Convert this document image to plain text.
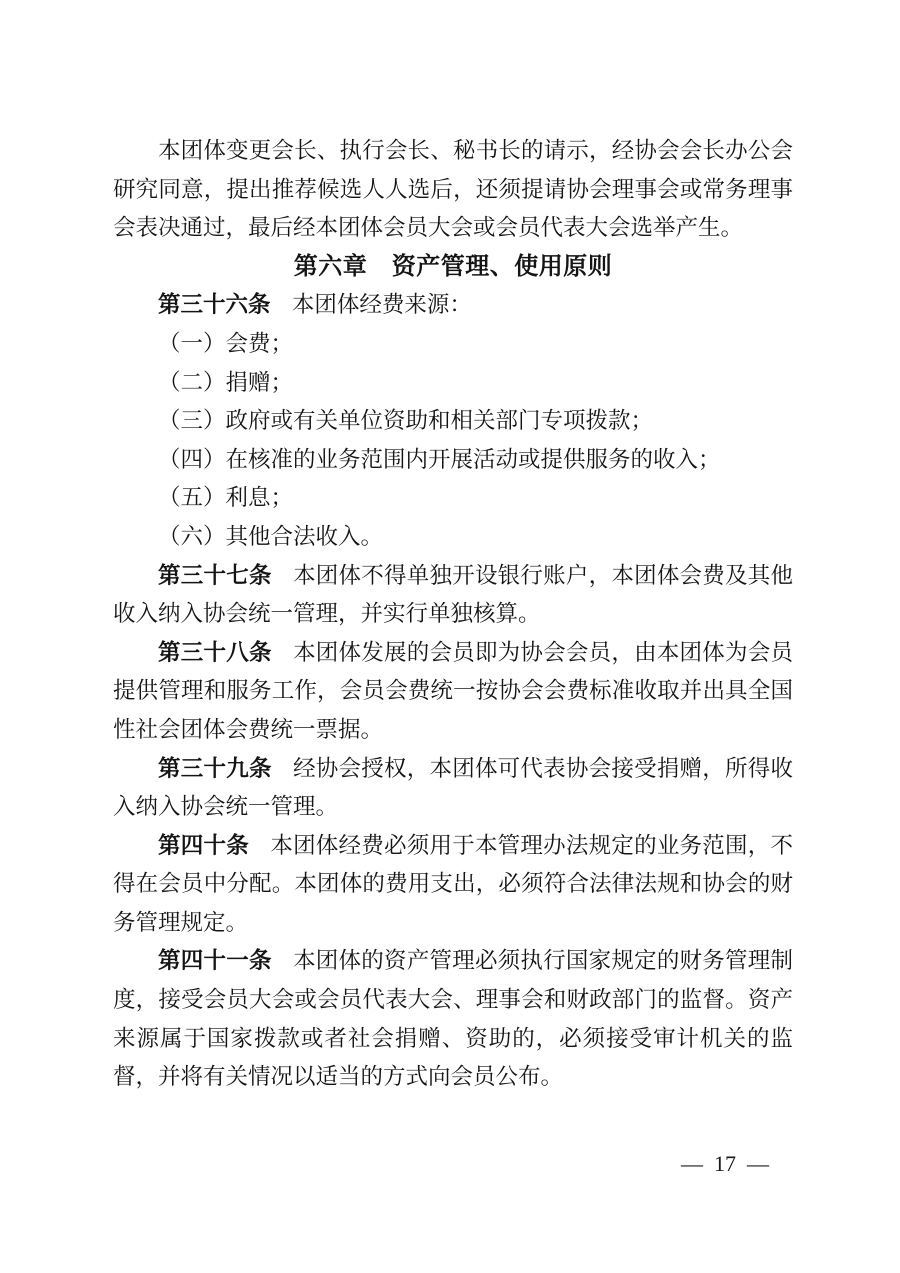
本团体变更会长、执行会长、秘书长的请示，经协会会长办公会研究同意，提出推荐候选人人选后，还须提请协会理事会或常务理事会表决通过，最后经本团体会员大会或会员代表大会选举产生。

第六章　资产管理、使用原则

第三十六条 本团体经费来源：

（一）会费；

（二）捐赠；

（三）政府或有关单位资助和相关部门专项拨款；

（四）在核准的业务范围内开展活动或提供服务的收入；

（五）利息；

（六）其他合法收入。

第三十七条 本团体不得单独开设银行账户，本团体会费及其他收入纳入协会统一管理，并实行单独核算。

第三十八条 本团体发展的会员即为协会会员，由本团体为会员提供管理和服务工作，会员会费统一按协会会费标准收取并出具全国性社会团体会费统一票据。

第三十九条 经协会授权，本团体可代表协会接受捐赠，所得收入纳入协会统一管理。

第四十条 本团体经费必须用于本管理办法规定的业务范围，不得在会员中分配。本团体的费用支出，必须符合法律法规和协会的财务管理规定。

第四十一条 本团体的资产管理必须执行国家规定的财务管理制度，接受会员大会或会员代表大会、理事会和财政部门的监督。资产来源属于国家拨款或者社会捐赠、资助的，必须接受审计机关的监督，并将有关情况以适当的方式向会员公布。

— 17 —
